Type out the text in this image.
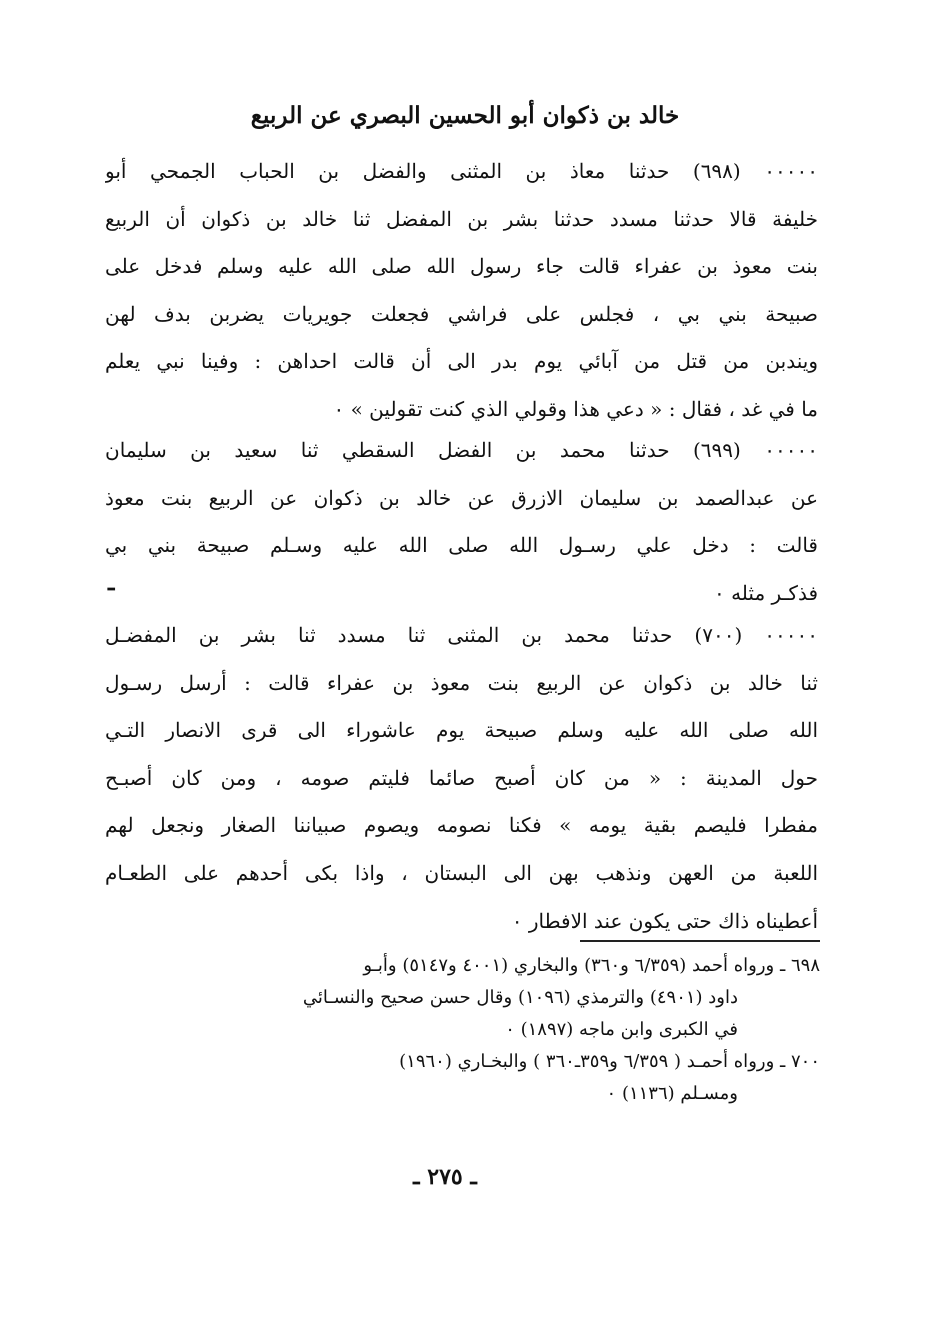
خالد بن ذكوان أبو الحسين البصري عن الربيع
٠٠٠٠٠ (٦٩٨) حدثنا معاذ بن المثنى والفضل بن الحباب الجمحي أبو
خليفة قالا حدثنا مسدد حدثنا بشر بن المفضل ثنا خالد بن ذكوان أن الربيع
بنت معوذ بن عفراء قالت جاء رسول الله صلى الله عليه وسلم فدخل على
صبيحة بني بي ، فجلس على فراشي فجعلت جويريات يضربن بدف لهن
ويندبن من قتل من آبائي يوم بدر الى أن قالت احداهن : وفينا نبي يعلم
ما في غد ، فقال : « دعي هذا وقولي الذي كنت تقولين » ٠
٠٠٠٠٠ (٦٩٩) حدثنا محمد بن الفضل السقطي ثنا سعيد بن سليمان
عن عبدالصمد بن سليمان الازرق عن خالد بن ذكوان عن الربيع بنت معوذ
قالت : دخل علي رسـول الله صلى الله عليه وسـلم صبيحة بني بي
فذكـر مثله ٠
ـ
٠٠٠٠٠ (٧٠٠) حدثنا محمد بن المثنى ثنا مسدد ثنا بشر بن المفضـل
ثنا خالد بن ذكوان عن الربيع بنت معوذ بن عفراء قالت : أرسل رسـول
الله صلى الله عليه وسلم صبيحة يوم عاشوراء الى قرى الانصار التـي
حول المدينة : « من كان أصبح صائما فليتم صومه ، ومن كان أصبـح
مفطرا فليصم بقية يومه » فكنا نصومه ويصوم صبياننا الصغار ونجعل لهم
اللعبة من العهن ونذهب بهن الى البستان ، واذا بكى أحدهم على الطعـام
أعطيناه ذاك حتى يكون عند الافطار ٠
٦٩٨ ـ ورواه أحمد (٦/٣٥٩ و٣٦٠) والبخاري (٤٠٠١ و٥١٤٧) وأبـو
داود (٤٩٠١) والترمذي (١٠٩٦) وقال حسن صحيح والنسـائي
في الكبرى وابن ماجه (١٨٩٧) ٠
٧٠٠ ـ ورواه أحمـد ( ٦/٣٥٩ و٣٥٩ـ٣٦٠ ) والبخـاري (١٩٦٠)
ومسـلم (١١٣٦) ٠
ـ ٢٧٥ ـ
